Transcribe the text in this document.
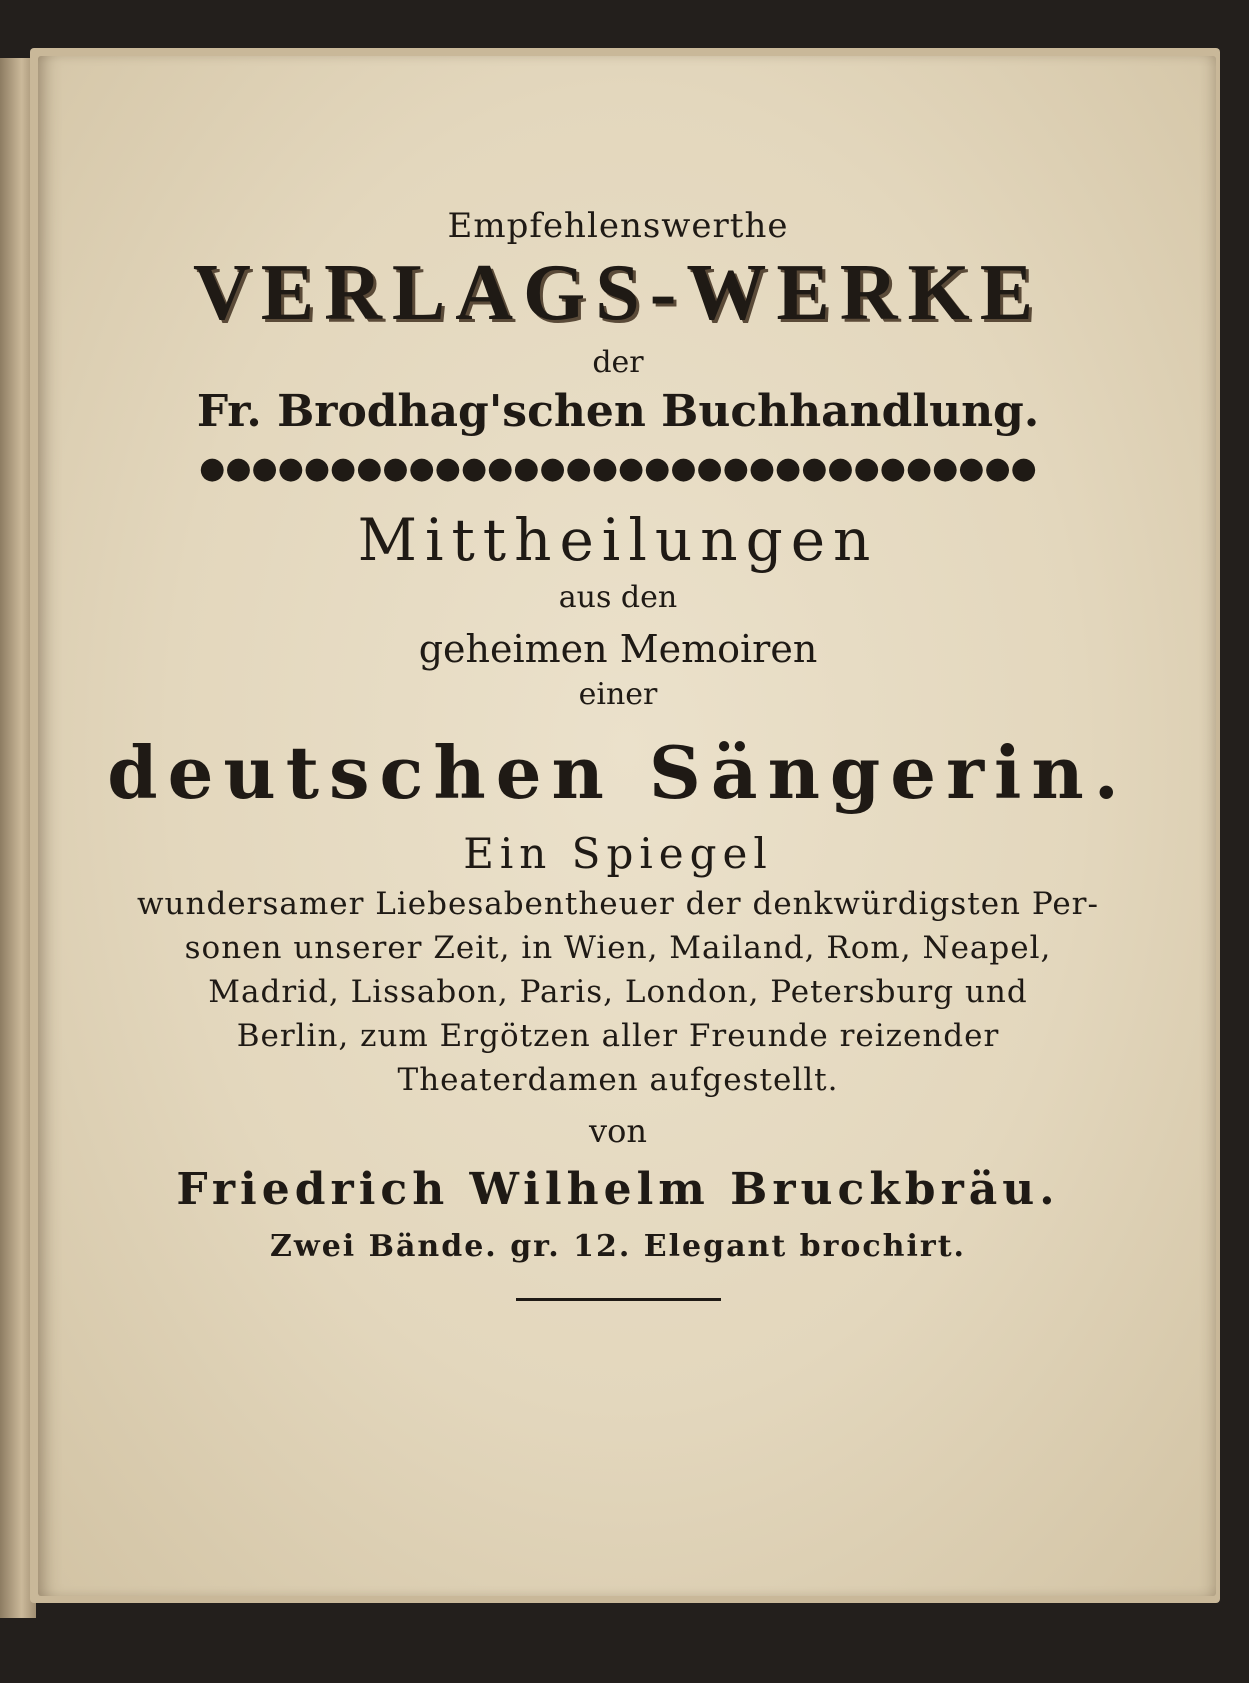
Empfehlenswerthe
VERLAGS-WERKE
der
Fr. Brodhag'schen Buchhandlung.
●●●●●●●●●●●●●●●●●●●●●●●●●●●●●●●●
Mittheilungen
aus den
geheimen Memoiren
einer
deutschen Sängerin.
Ein Spiegel
wundersamer Liebesabentheuer der denkwürdigsten Per-
sonen unserer Zeit, in Wien, Mailand, Rom, Neapel,
Madrid, Lissabon, Paris, London, Petersburg und
Berlin, zum Ergötzen aller Freunde reizender
Theaterdamen aufgestellt.
von
Friedrich Wilhelm Bruckbräu.
Zwei Bände. gr. 12. Elegant brochirt.
